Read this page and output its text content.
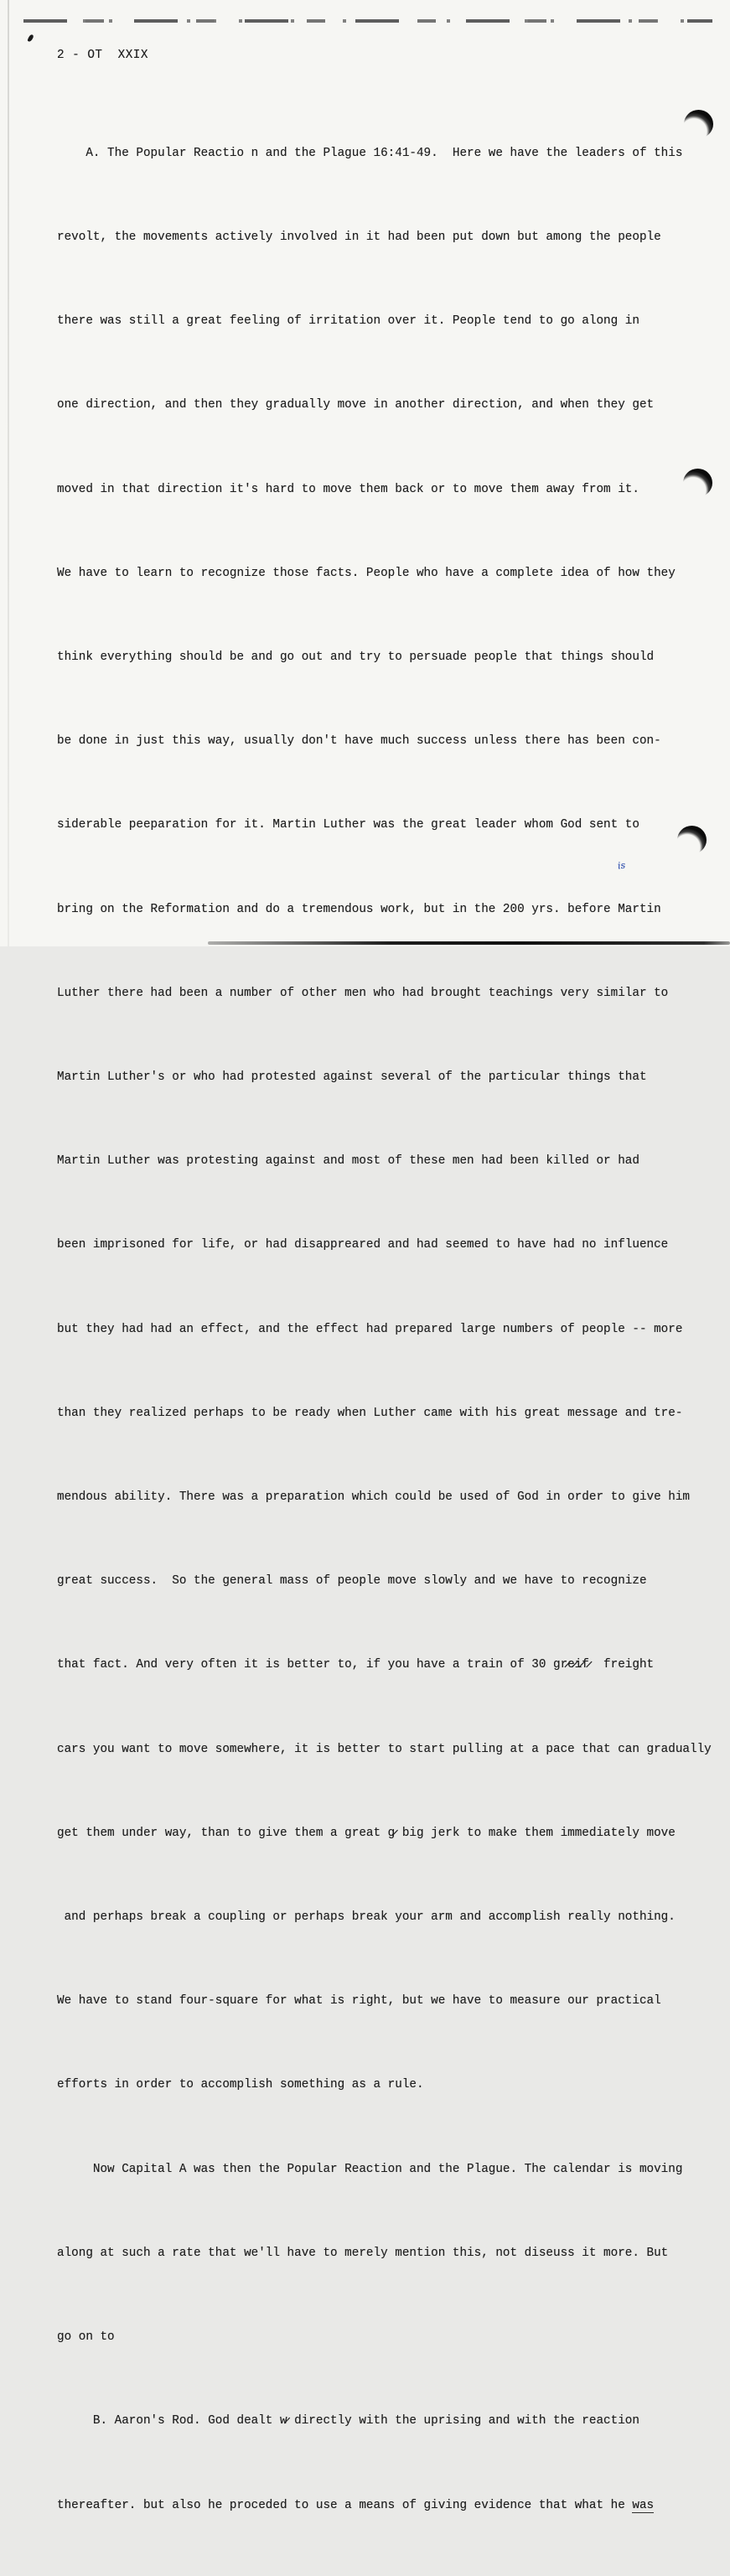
2 - OT  XXIX

A. The Popular Reactio n and the Plague 16:41-49.  Here we have the leaders of this

revolt, the movements actively involved in it had been put down but among the people

there was still a great feeling of irritation over it. People tend to go along in

one direction, and then they gradually move in another direction, and when they get

moved in that direction it's hard to move them back or to move them away from it.

We have to learn to recognize those facts. People who have a complete idea of how they

think everything should be and go out and try to persuade people that things should

be done in just this way, usually don't have much success unless there has been con-

siderable peeparation for it. Martin Luther was the great leader whom God sent to

bring on the Reformation and do a tremendous work, but in the 200 yrs. before Martin

Luther there had been a number of other men who had brought teachings very similar to

Martin Luther's or who had protested against several of the particular things that

Martin Luther was protesting against and most of these men had been killed or had

been imprisoned for life, or had disappreared and had seemed to have had no influence

but they had had an effect, and the effect had prepared large numbers of people -- more

than they realized perhaps to be ready when Luther came with his great message and tre-

mendous ability. There was a preparation which could be used of God in order to give him

great success.  So the general mass of people move slowly and we have to recognize

that fact. And very often it is better to, if you have a train of 30 gr̷e̷i̷f̷  freight

cars you want to move somewhere, it is better to start pulling at a pace that can gradually

get them under way, than to give them a great g̷ big jerk to make them immediately move

and perhaps break a coupling or perhaps break your arm and accomplish really nothing.

We have to stand four-square for what is right, but we have to measure our practical

efforts in order to accomplish something as a rule.

Now Capital A was then the Popular Reaction and the Plague. The calendar is moving

along at such a rate that we'll have to merely mention this, not diseuss it more. But

go on to

B. Aaron's Rod. God dealt w̷ directly with the uprising and with the reaction

thereafter. but also he proceded to use a means of giving evidence that what he was

is
